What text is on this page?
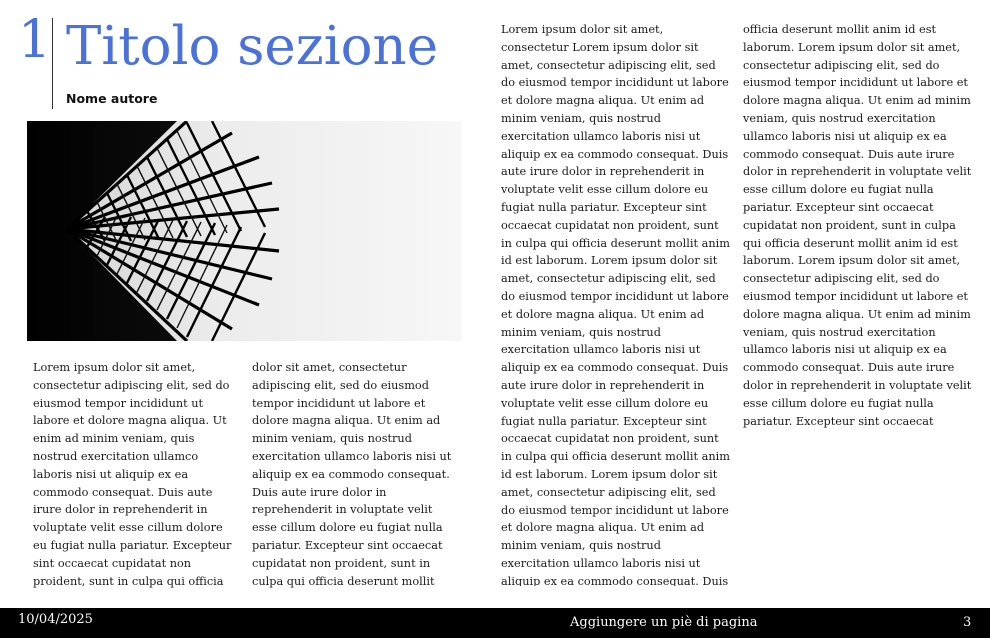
1 Titolo sezione
Nome autore
Lorem ipsum dolor sit amet, consectetur adipiscing elit, sed do eiusmod tempor incididunt ut labore et dolore magna aliqua. Ut enim ad minim veniam, quis nostrud exercitation ullamco laboris nisi ut aliquip ex ea commodo consequat. Duis aute irure dolor in reprehenderit in voluptate velit esse cillum dolore eu fugiat nulla pariatur. Excepteur sint occaecat cupidatat non proident, sunt in culpa qui officia
dolor sit amet, consectetur adipiscing elit, sed do eiusmod tempor incididunt ut labore et dolore magna aliqua. Ut enim ad minim veniam, quis nostrud exercitation ullamco laboris nisi ut aliquip ex ea commodo consequat. Duis aute irure dolor in reprehenderit in voluptate velit esse cillum dolore eu fugiat nulla pariatur. Excepteur sint occaecat cupidatat non proident, sunt in culpa qui officia deserunt mollit
Lorem ipsum dolor sit amet, consectetur Lorem ipsum dolor sit amet, consectetur adipiscing elit, sed do eiusmod tempor incididunt ut labore et dolore magna aliqua. Ut enim ad minim veniam, quis nostrud exercitation ullamco laboris nisi ut aliquip ex ea commodo consequat. Duis aute irure dolor in reprehenderit in voluptate velit esse cillum dolore eu fugiat nulla pariatur. Excepteur sint occaecat cupidatat non proident, sunt in culpa qui officia deserunt mollit anim id est laborum. Lorem ipsum dolor sit amet, consectetur adipiscing elit, sed do eiusmod tempor incididunt ut labore et dolore magna aliqua. Ut enim ad minim veniam, quis nostrud exercitation ullamco laboris nisi ut aliquip ex ea commodo consequat. Duis aute irure dolor in reprehenderit in voluptate velit esse cillum dolore eu fugiat nulla pariatur. Excepteur sint occaecat cupidatat non proident, sunt in culpa qui officia deserunt mollit anim id est laborum. Lorem ipsum dolor sit amet, consectetur adipiscing elit, sed do eiusmod tempor incididunt ut labore et dolore magna aliqua. Ut enim ad minim veniam, quis nostrud exercitation ullamco laboris nisi ut aliquip ex ea commodo consequat. Duis
officia deserunt mollit anim id est laborum. Lorem ipsum dolor sit amet, consectetur adipiscing elit, sed do eiusmod tempor incididunt ut labore et dolore magna aliqua. Ut enim ad minim veniam, quis nostrud exercitation ullamco laboris nisi ut aliquip ex ea commodo consequat. Duis aute irure dolor in reprehenderit in voluptate velit esse cillum dolore eu fugiat nulla pariatur. Excepteur sint occaecat cupidatat non proident, sunt in culpa qui officia deserunt mollit anim id est laborum. Lorem ipsum dolor sit amet, consectetur adipiscing elit, sed do eiusmod tempor incididunt ut labore et dolore magna aliqua. Ut enim ad minim veniam, quis nostrud exercitation ullamco laboris nisi ut aliquip ex ea commodo consequat. Duis aute irure dolor in reprehenderit in voluptate velit esse cillum dolore eu fugiat nulla pariatur. Excepteur sint occaecat
10/04/2025	Aggiungere un piè di pagina	3
